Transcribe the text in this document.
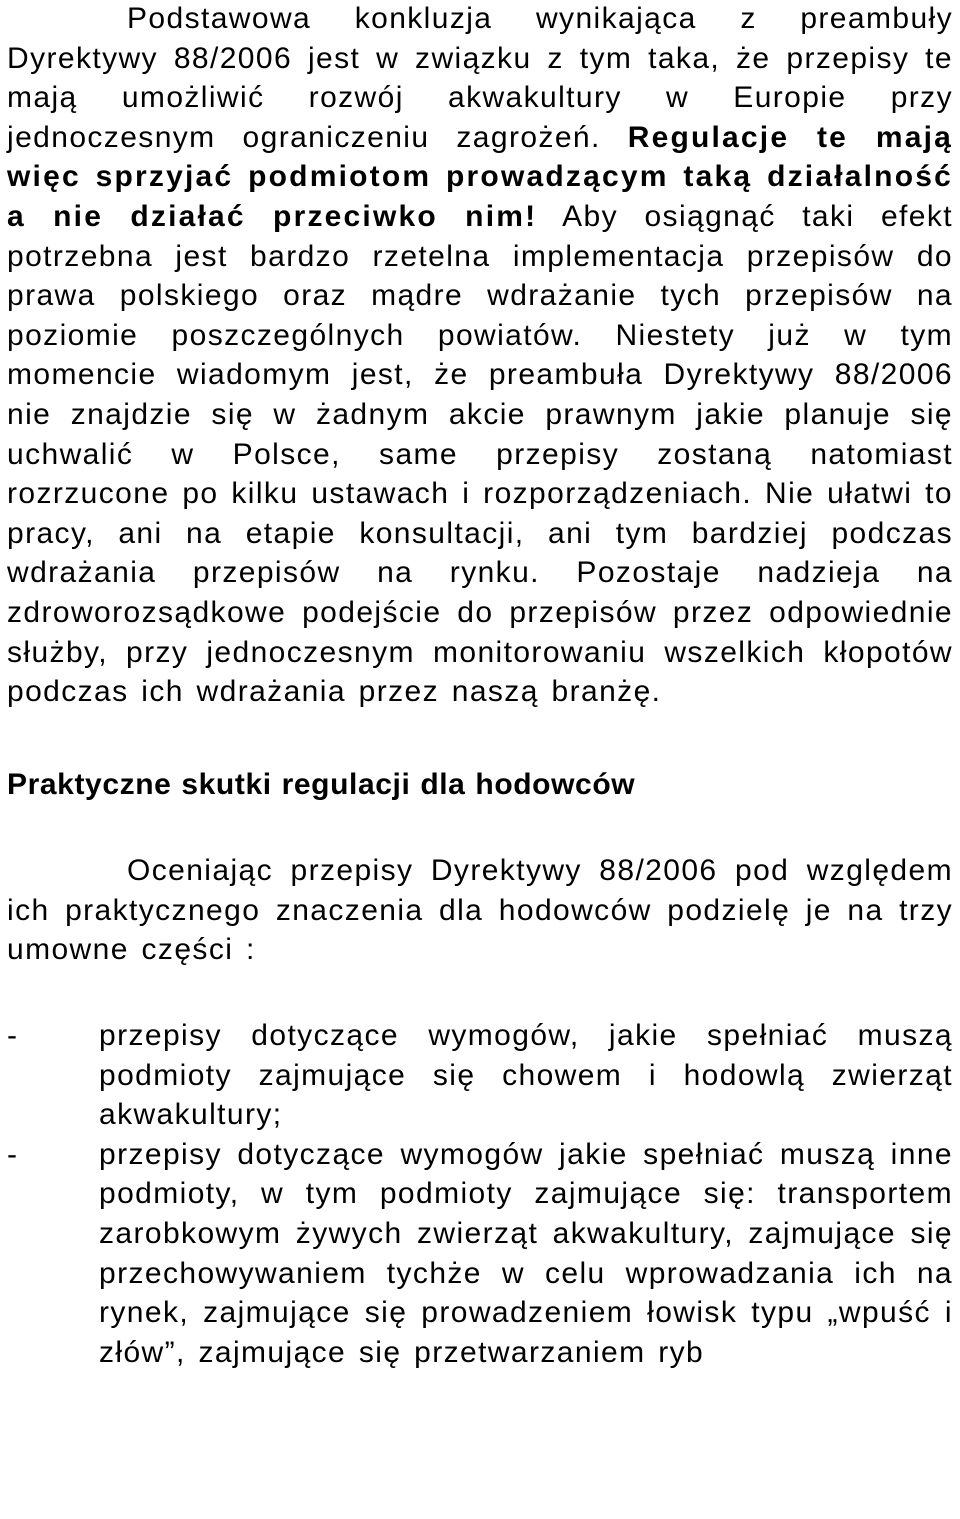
Podstawowa konkluzja wynikająca z preambuły Dyrektywy 88/2006 jest w związku z tym taka, że przepisy te mają umożliwić rozwój akwakultury w Europie przy jednoczesnym ograniczeniu zagrożeń. Regulacje te mają więc sprzyjać podmiotom prowadzącym taką działalność a nie działać przeciwko nim! Aby osiągnąć taki efekt potrzebna jest bardzo rzetelna implementacja przepisów do prawa polskiego oraz mądre wdrażanie tych przepisów na poziomie poszczególnych powiatów. Niestety już w tym momencie wiadomym jest, że preambuła Dyrektywy 88/2006 nie znajdzie się w żadnym akcie prawnym jakie planuje się uchwalić w Polsce, same przepisy zostaną natomiast rozrzucone po kilku ustawach i rozporządzeniach. Nie ułatwi to pracy, ani na etapie konsultacji, ani tym bardziej podczas wdrażania przepisów na rynku. Pozostaje nadzieja na zdroworozsądkowe podejście do przepisów przez odpowiednie służby, przy jednoczesnym monitorowaniu wszelkich kłopotów podczas ich wdrażania przez naszą branżę.

Praktyczne skutki regulacji dla hodowców

Oceniając przepisy Dyrektywy 88/2006 pod względem ich praktycznego znaczenia dla hodowców podzielę je na trzy umowne części :

-	przepisy dotyczące wymogów, jakie spełniać muszą podmioty zajmujące się chowem i hodowlą zwierząt akwakultury;
-	przepisy dotyczące wymogów jakie spełniać muszą inne podmioty, w tym podmioty zajmujące się: transportem zarobkowym żywych zwierząt akwakultury, zajmujące się przechowywaniem tychże w celu wprowadzania ich na rynek, zajmujące się prowadzeniem łowisk typu „wpuść i złów”, zajmujące się przetwarzaniem ryb
